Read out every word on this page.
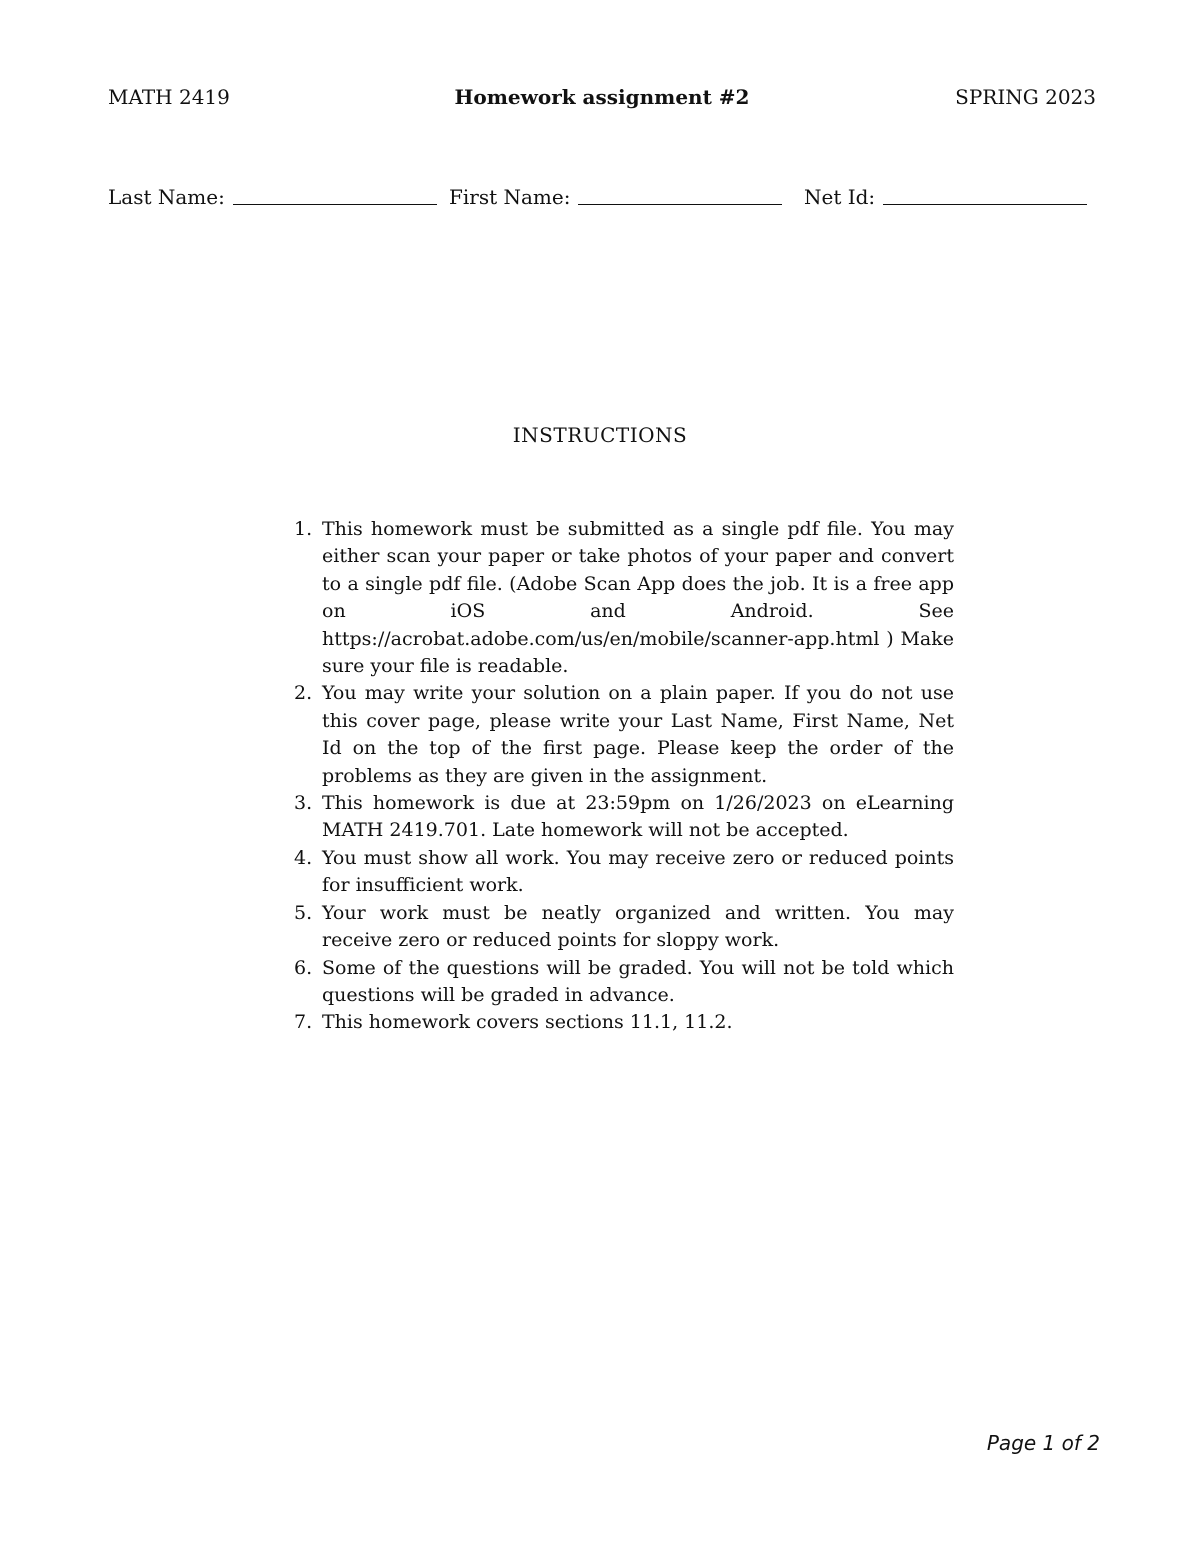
MATH 2419	Homework assignment #2	SPRING 2023
Last Name:	First Name:	Net Id:
INSTRUCTIONS
1. This homework must be submitted as a single pdf file. You may either scan your paper or take photos of your paper and convert to a single pdf file. (Adobe Scan App does the job. It is a free app on iOS and Android. See https://acrobat.adobe.com/us/en/mobile/scanner-app.html ) Make sure your file is readable.
2. You may write your solution on a plain paper. If you do not use this cover page, please write your Last Name, First Name, Net Id on the top of the first page. Please keep the order of the problems as they are given in the assignment.
3. This homework is due at 23:59pm on 1/26/2023 on eLearning MATH 2419.701. Late homework will not be accepted.
4. You must show all work. You may receive zero or reduced points for insufficient work.
5. Your work must be neatly organized and written. You may receive zero or reduced points for sloppy work.
6. Some of the questions will be graded. You will not be told which questions will be graded in advance.
7. This homework covers sections 11.1, 11.2.
Page 1 of 2
